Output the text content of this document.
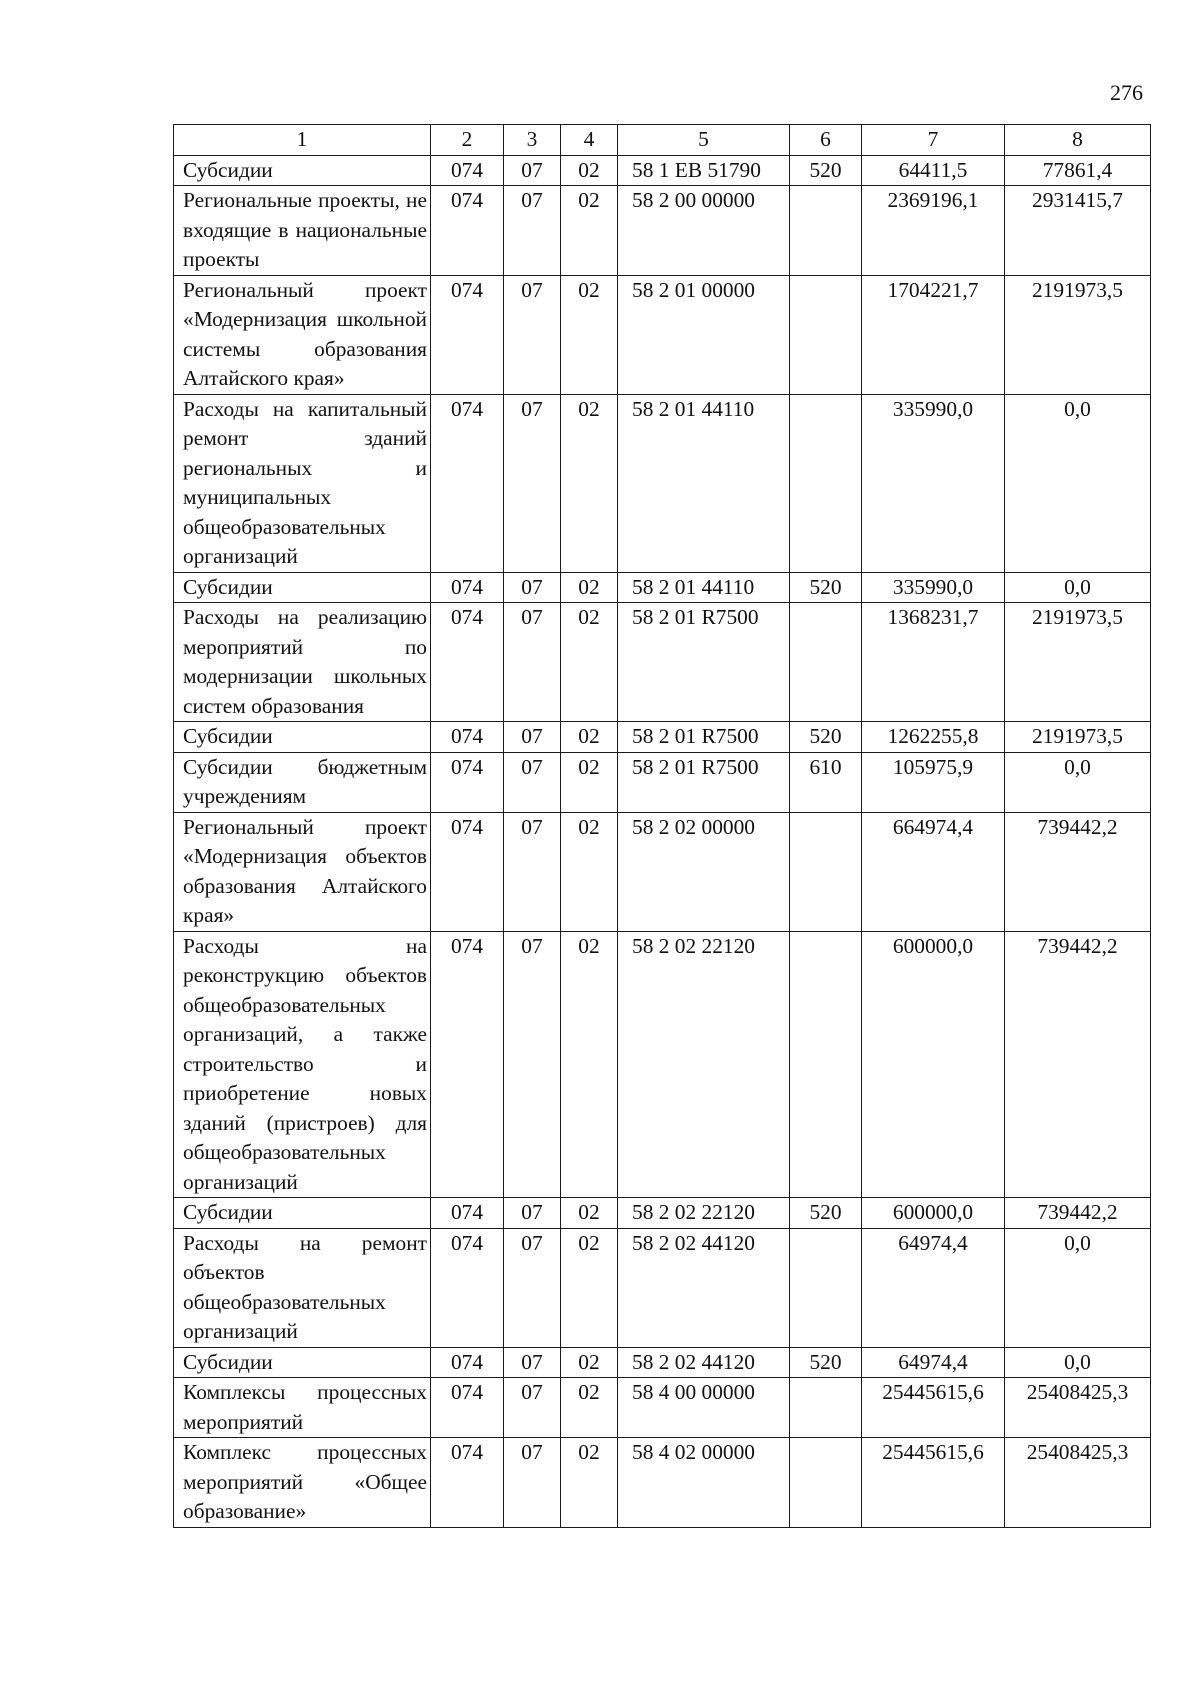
276
1	2	3	4	5	6	7	8
Субсидии	074	07	02	58 1 ЕВ 51790	520	64411,5	77861,4
Региональные проекты, не входящие в национальные проекты	074	07	02	58 2 00 00000		2369196,1	2931415,7
Региональный проект «Модернизация школьной системы образования Алтайского края»	074	07	02	58 2 01 00000		1704221,7	2191973,5
Расходы на капитальный ремонт зданий региональных и муниципальных общеобразовательных организаций	074	07	02	58 2 01 44110		335990,0	0,0
Субсидии	074	07	02	58 2 01 44110	520	335990,0	0,0
Расходы на реализацию мероприятий по модернизации школьных систем образования	074	07	02	58 2 01 R7500		1368231,7	2191973,5
Субсидии	074	07	02	58 2 01 R7500	520	1262255,8	2191973,5
Субсидии бюджетным учреждениям	074	07	02	58 2 01 R7500	610	105975,9	0,0
Региональный проект «Модернизация объектов образования Алтайского края»	074	07	02	58 2 02 00000		664974,4	739442,2
Расходы на реконструкцию объектов общеобразовательных организаций, а также строительство и приобретение новых зданий (пристроев) для общеобразовательных организаций	074	07	02	58 2 02 22120		600000,0	739442,2
Субсидии	074	07	02	58 2 02 22120	520	600000,0	739442,2
Расходы на ремонт объектов общеобразовательных организаций	074	07	02	58 2 02 44120		64974,4	0,0
Субсидии	074	07	02	58 2 02 44120	520	64974,4	0,0
Комплексы процессных мероприятий	074	07	02	58 4 00 00000		25445615,6	25408425,3
Комплекс процессных мероприятий «Общее образование»	074	07	02	58 4 02 00000		25445615,6	25408425,3
